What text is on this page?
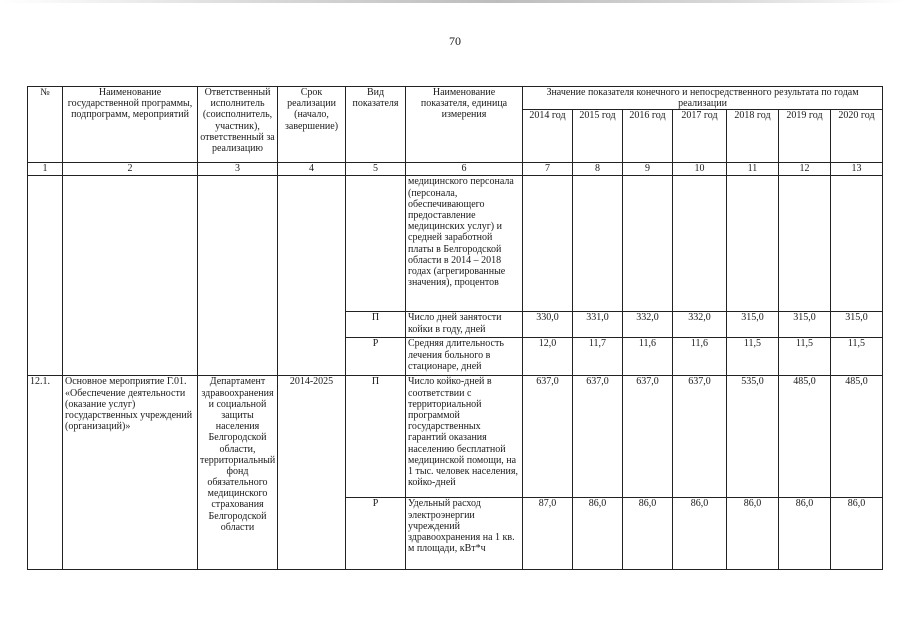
70
№	Наименование государственной программы, подпрограмм, мероприятий	Ответственный исполнитель (соисполнитель, участник), ответственный за реализацию	Срок реализации (начало, завершение)	Вид показателя	Наименование показателя, единица измерения	Значение показателя конечного и непосредственного результата по годам реализации						
						2014 год	2015 год	2016 год	2017 год	2018 год	2019 год	2020 год
1	2	3	4	5	6	7	8	9	10	11	12	13
					медицинского персонала (персонала, обеспечивающего предоставление медицинских услуг) и средней заработной платы в Белгородской области в 2014 – 2018 годах (агрегированные значения), процентов							
				П	Число дней занятости койки в году, дней	330,0	331,0	332,0	332,0	315,0	315,0	315,0
				Р	Средняя длительность лечения больного в стационаре, дней	12,0	11,7	11,6	11,6	11,5	11,5	11,5
12.1.	Основное мероприятие Г.01. «Обеспечение деятельности (оказание услуг) государственных учреждений (организаций)»	Департамент здравоохранения и социальной защиты населения Белгородской области, территориальный фонд обязательного медицинского страхования Белгородской области	2014-2025	П	Число койко-дней в соответствии с территориальной программой государственных гарантий оказания населению бесплатной медицинской помощи, на 1 тыс. человек населения, койко-дней	637,0	637,0	637,0	637,0	535,0	485,0	485,0
				Р	Удельный расход электроэнергии учреждений здравоохранения на 1 кв. м площади, кВт*ч	87,0	86,0	86,0	86,0	86,0	86,0	86,0
